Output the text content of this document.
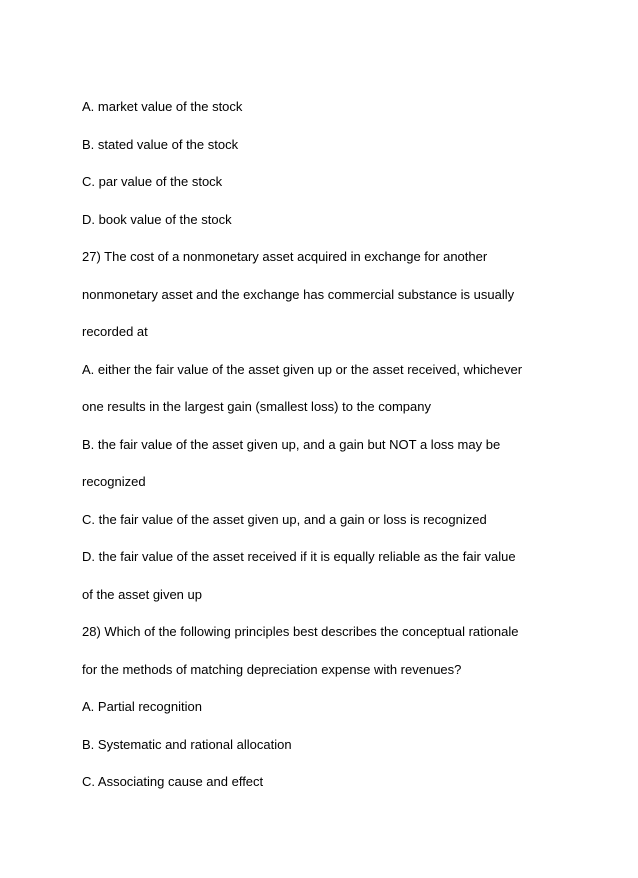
A. market value of the stock
B. stated value of the stock
C. par value of the stock
D. book value of the stock
27) The cost of a nonmonetary asset acquired in exchange for another
nonmonetary asset and the exchange has commercial substance is usually
recorded at
A. either the fair value of the asset given up or the asset received, whichever
one results in the largest gain (smallest loss) to the company
B. the fair value of the asset given up, and a gain but NOT a loss may be
recognized
C. the fair value of the asset given up, and a gain or loss is recognized
D. the fair value of the asset received if it is equally reliable as the fair value
of the asset given up
28) Which of the following principles best describes the conceptual rationale
for the methods of matching depreciation expense with revenues?
A. Partial recognition
B. Systematic and rational allocation
C. Associating cause and effect
